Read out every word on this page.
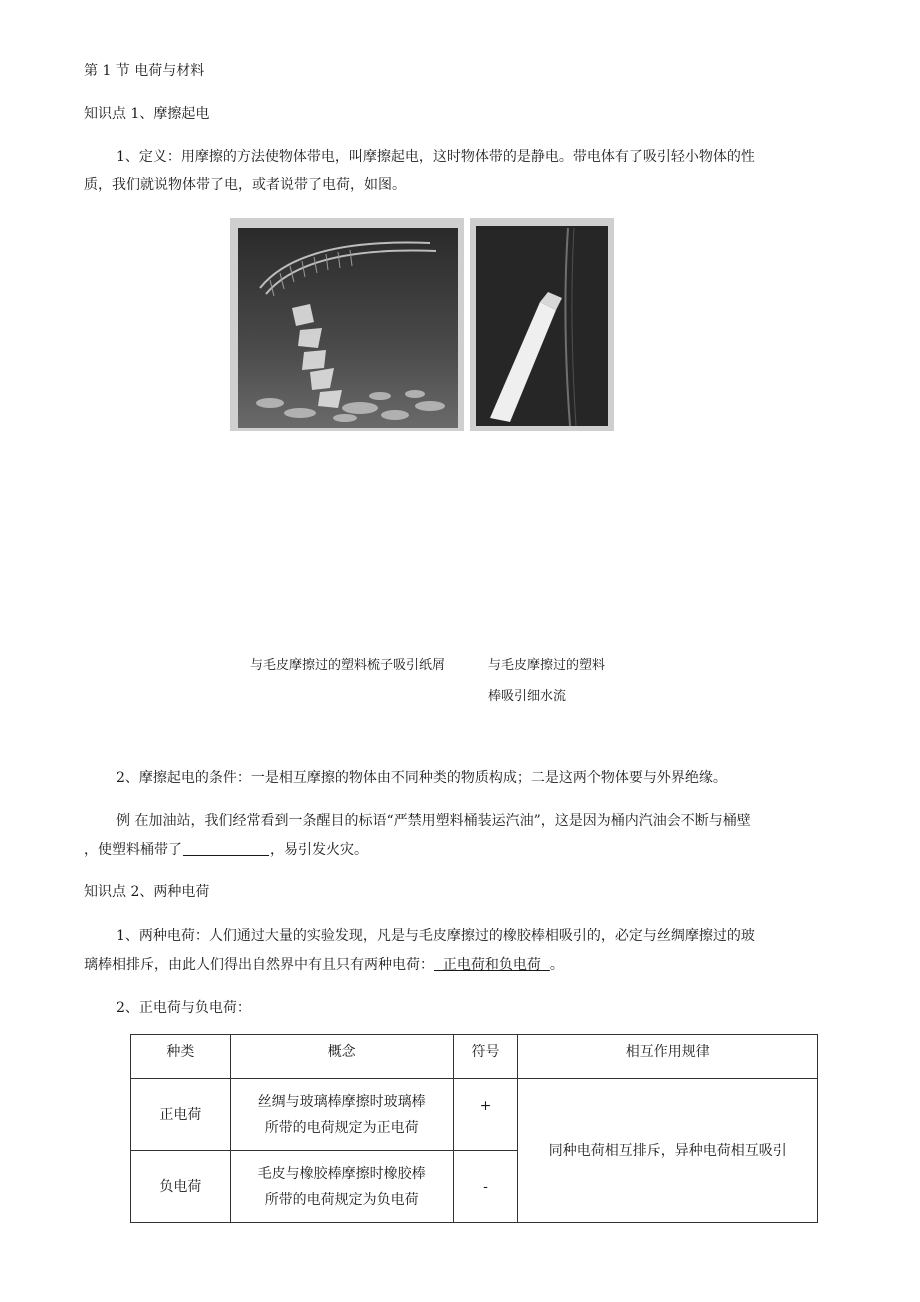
第 1 节 电荷与材料
知识点 1、摩擦起电
1、定义：用摩擦的方法使物体带电，叫摩擦起电，这时物体带的是静电。带电体有了吸引轻小物体的性
质，我们就说物体带了电，或者说带了电荷，如图。
与毛皮摩擦过的塑料梳子吸引纸屑	与毛皮摩擦过的塑料
棒吸引细水流
2、摩擦起电的条件：一是相互摩擦的物体由不同种类的物质构成；二是这两个物体要与外界绝缘。
例 在加油站，我们经常看到一条醒目的标语“严禁用塑料桶装运汽油”，这是因为桶内汽油会不断与桶壁
，使塑料桶带了	，易引发火灾。
知识点 2、两种电荷
1、两种电荷：人们通过大量的实验发现，凡是与毛皮摩擦过的橡胶棒相吸引的，必定与丝绸摩擦过的玻
璃棒相排斥，由此人们得出自然界中有且只有两种电荷：  正电荷和负电荷  。
2、正电荷与负电荷：
种类	概念	符号	相互作用规律
正电荷	丝绸与玻璃棒摩擦时玻璃棒
所带的电荷规定为正电荷	+	同种电荷相互排斥，异种电荷相互吸引
负电荷	毛皮与橡胶棒摩擦时橡胶棒
所带的电荷规定为负电荷	-	
